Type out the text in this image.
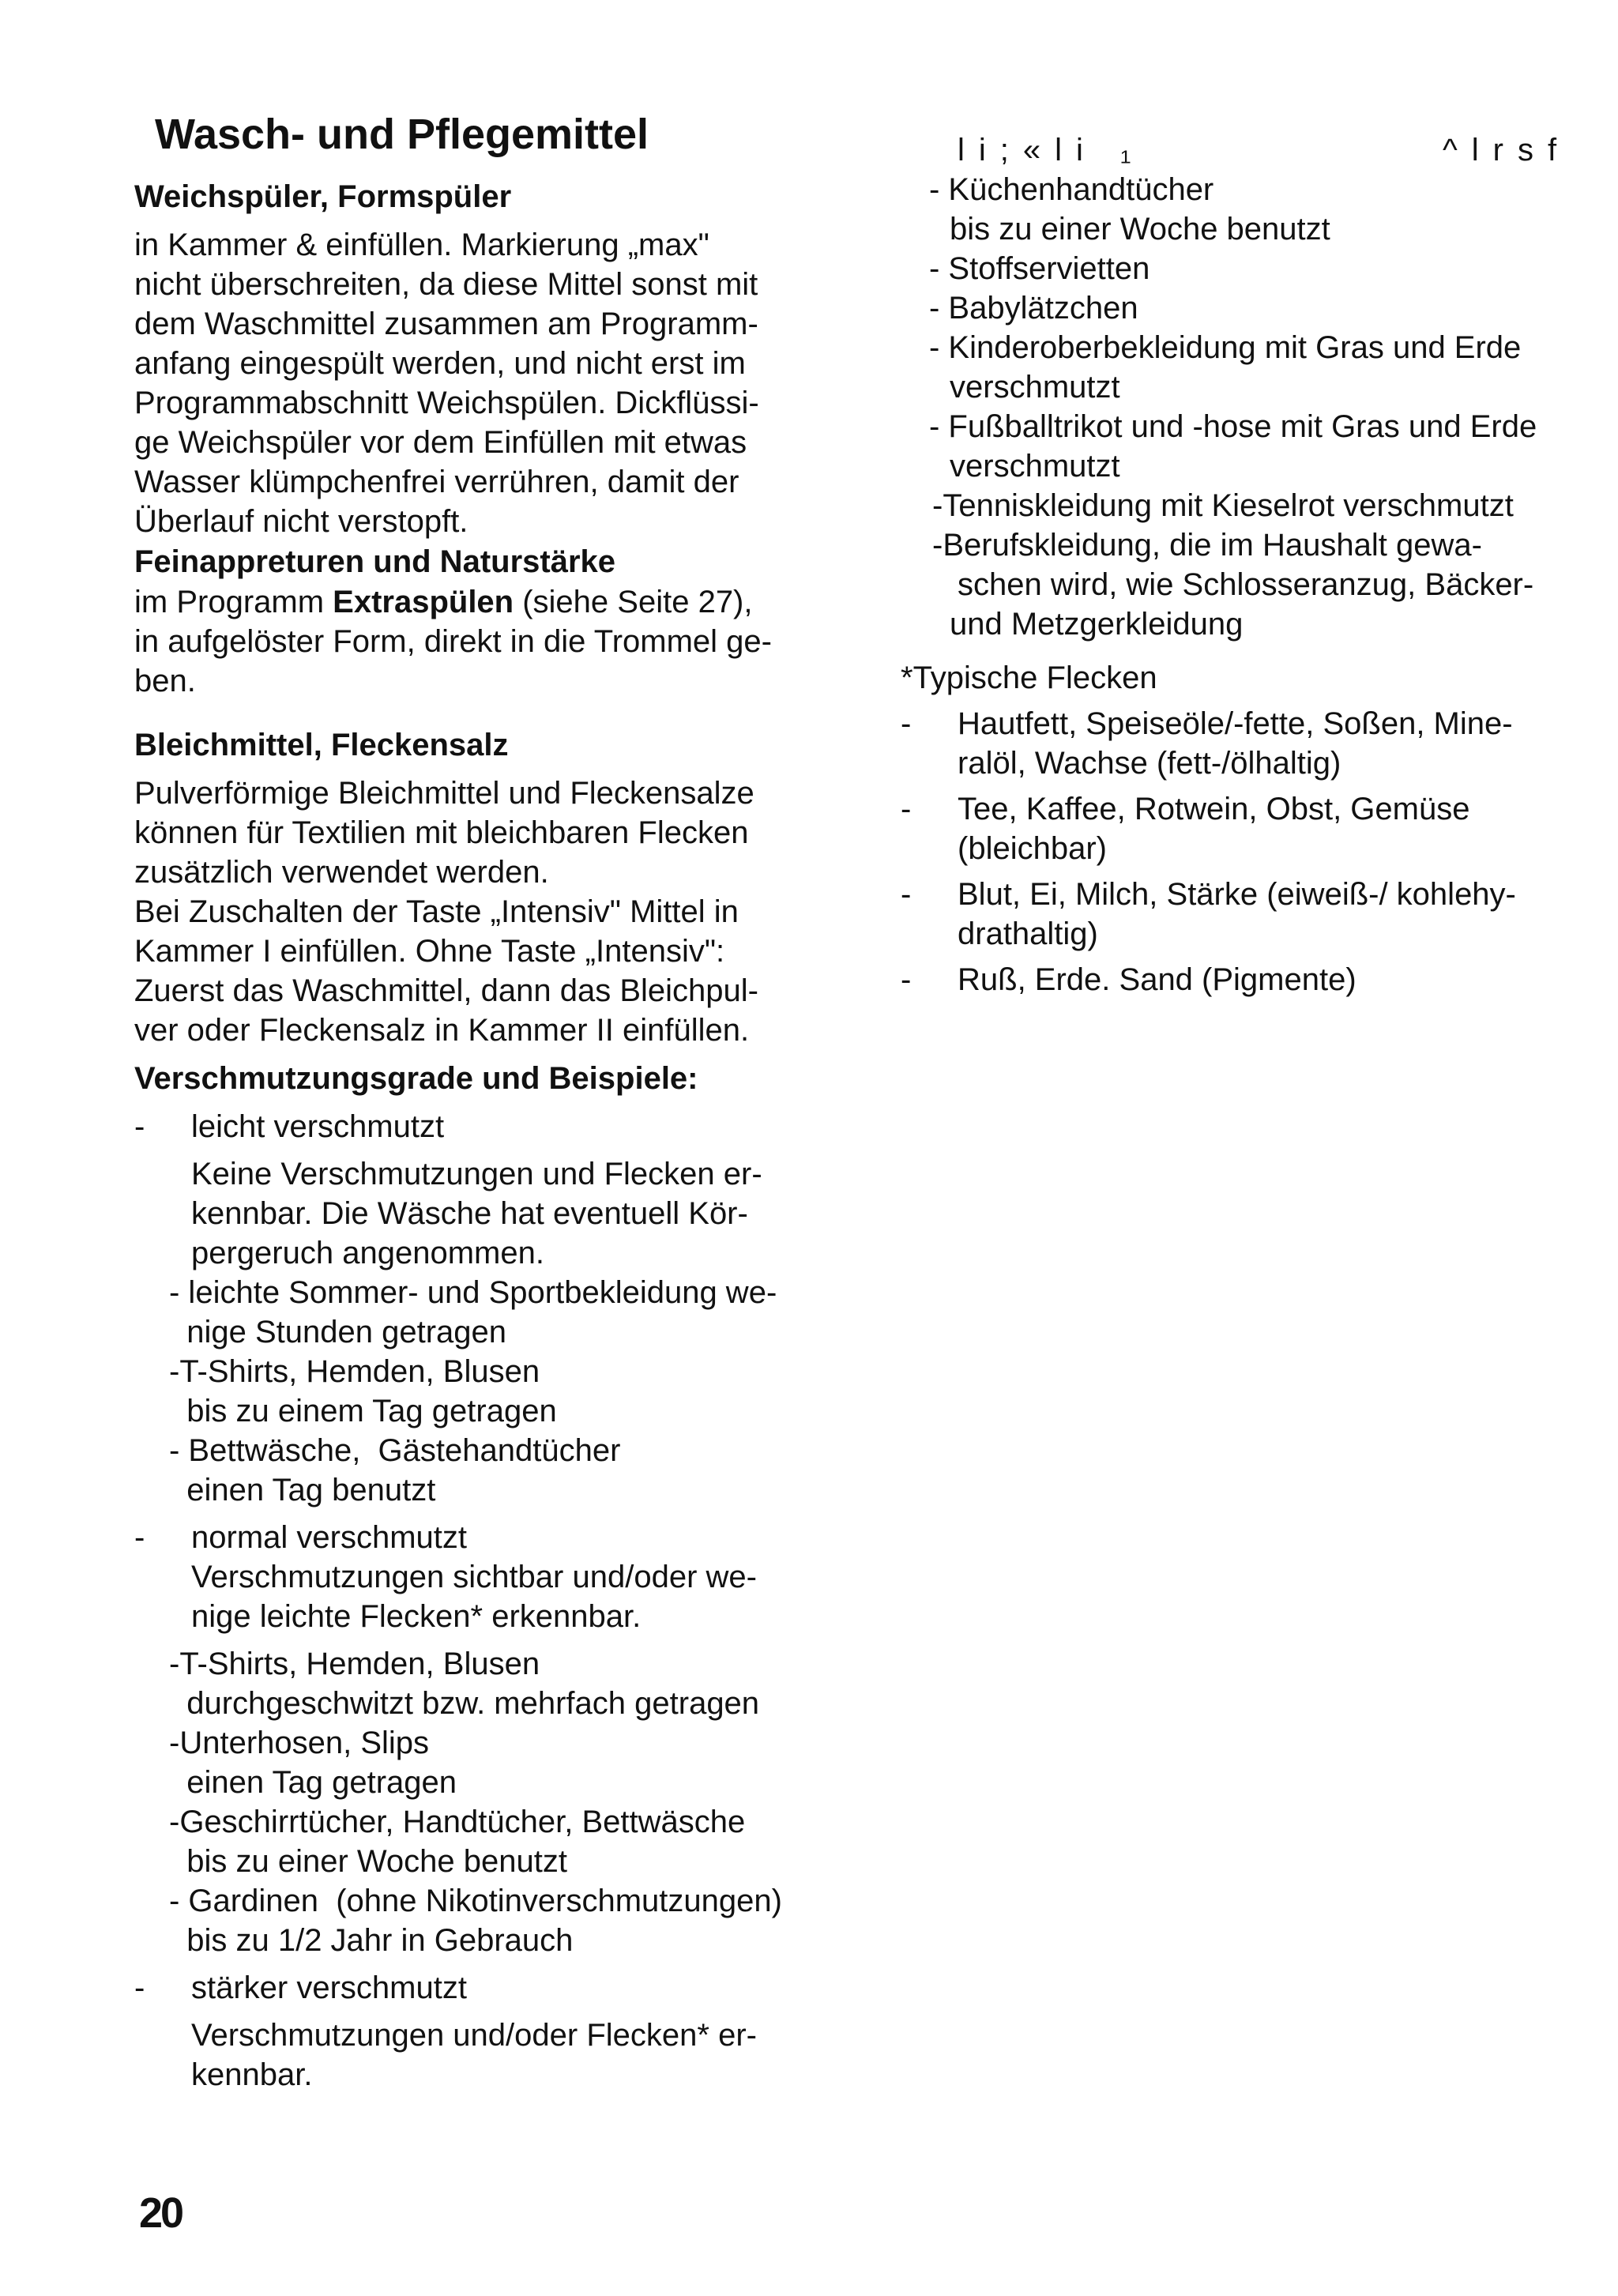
Wasch- und Pflegemittel
Weichspüler, Formspüler
in Kammer & einfüllen. Markierung „max"
nicht überschreiten, da diese Mittel sonst mit
dem Waschmittel zusammen am Programm-
anfang eingespült werden, und nicht erst im
Programmabschnitt Weichspülen. Dickflüssi-
ge Weichspüler vor dem Einfüllen mit etwas
Wasser klümpchenfrei verrühren, damit der
Überlauf nicht verstopft.
Feinappreturen und Naturstärke
im Programm Extraspülen (siehe Seite 27),
in aufgelöster Form, direkt in die Trommel ge-
ben.
Bleichmittel, Fleckensalz
Pulverförmige Bleichmittel und Fleckensalze
können für Textilien mit bleichbaren Flecken
zusätzlich verwendet werden.
Bei Zuschalten der Taste „Intensiv" Mittel in
Kammer I einfüllen. Ohne Taste „Intensiv":
Zuerst das Waschmittel, dann das Bleichpul-
ver oder Fleckensalz in Kammer II einfüllen.
Verschmutzungsgrade und Beispiele:
-	leicht verschmutzt
Keine Verschmutzungen und Flecken er-
kennbar. Die Wäsche hat eventuell Kör-
pergeruch angenommen.
- leichte Sommer- und Sportbekleidung we-
nige Stunden getragen
-T-Shirts, Hemden, Blusen
bis zu einem Tag getragen
- Bettwäsche,  Gästehandtücher
einen Tag benutzt
-	normal verschmutzt
Verschmutzungen sichtbar und/oder we-
nige leichte Flecken* erkennbar.
-T-Shirts, Hemden, Blusen
durchgeschwitzt bzw. mehrfach getragen
-Unterhosen, Slips
einen Tag getragen
-Geschirrtücher, Handtücher, Bettwäsche
bis zu einer Woche benutzt
- Gardinen  (ohne Nikotinverschmutzungen)
bis zu 1/2 Jahr in Gebrauch
-	stärker verschmutzt
Verschmutzungen und/oder Flecken* er-
kennbar.
li;«li ₁	^lrsf
- Küchenhandtücher
bis zu einer Woche benutzt
- Stoffservietten
- Babylätzchen
- Kinderoberbekleidung mit Gras und Erde
verschmutzt
- Fußballtrikot und -hose mit Gras und Erde
verschmutzt
-Tenniskleidung mit Kieselrot verschmutzt
-Berufskleidung, die im Haushalt gewa-
schen wird, wie Schlosseranzug, Bäcker-
und Metzgerkleidung
*Typische Flecken
-	Hautfett, Speiseöle/-fette, Soßen, Mine-
ralöl, Wachse (fett-/ölhaltig)
-	Tee, Kaffee, Rotwein, Obst, Gemüse
(bleichbar)
-	Blut, Ei, Milch, Stärke (eiweiß-/ kohlehy-
drathaltig)
-	Ruß, Erde. Sand (Pigmente)
20
